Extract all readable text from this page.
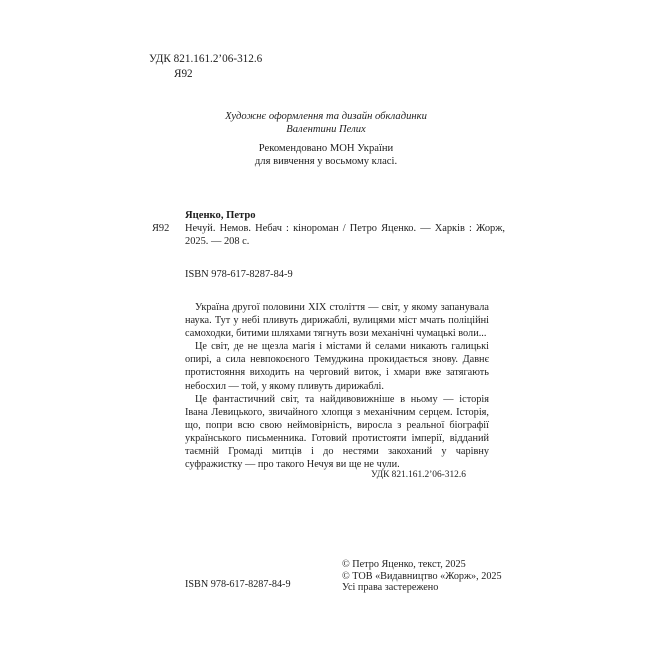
УДК 821.161.2’06-312.6
Я92
Художнє оформлення та дизайн обкладинки
Валентини Пелих
Рекомендовано МОН України
для вивчення у восьмому класі.
Я92
Яценко, Петро
Нечуй. Немов. Небач : кінороман / Петро Яценко. — Харків : Жорж, 2025. — 208 с.
ISBN 978-617-8287-84-9

Україна другої половини XIX століття — світ, у якому запанувала наука. Тут у небі пливуть дирижаблі, вулицями міст мчать поліційні самоходки, битими шляхами тягнуть вози механічні чумацькі воли...

Це світ, де не щезла магія і містами й селами никають галицькі опирі, а сила невпокоєного Темуджина прокидається знову. Давнє протистояння виходить на черговий виток, і хмари вже затягають небосхил — той, у якому пливуть дирижаблі.

Це фантастичний світ, та найдивовижніше в ньому — історія Івана Левицького, звичайного хлопця з механічним серцем. Історія, що, попри всю свою неймовірність, виросла з реальної біографії українського письменника. Готовий протистояти імперії, відданий таємній Громаді митців і до нестями закоханий у чарівну суфражистку — про такого Нечуя ви ще не чули.

УДК 821.161.2’06-312.6
© Петро Яценко, текст, 2025
© ТОВ «Видавництво «Жорж», 2025
Усі права застережено
ISBN 978-617-8287-84-9
